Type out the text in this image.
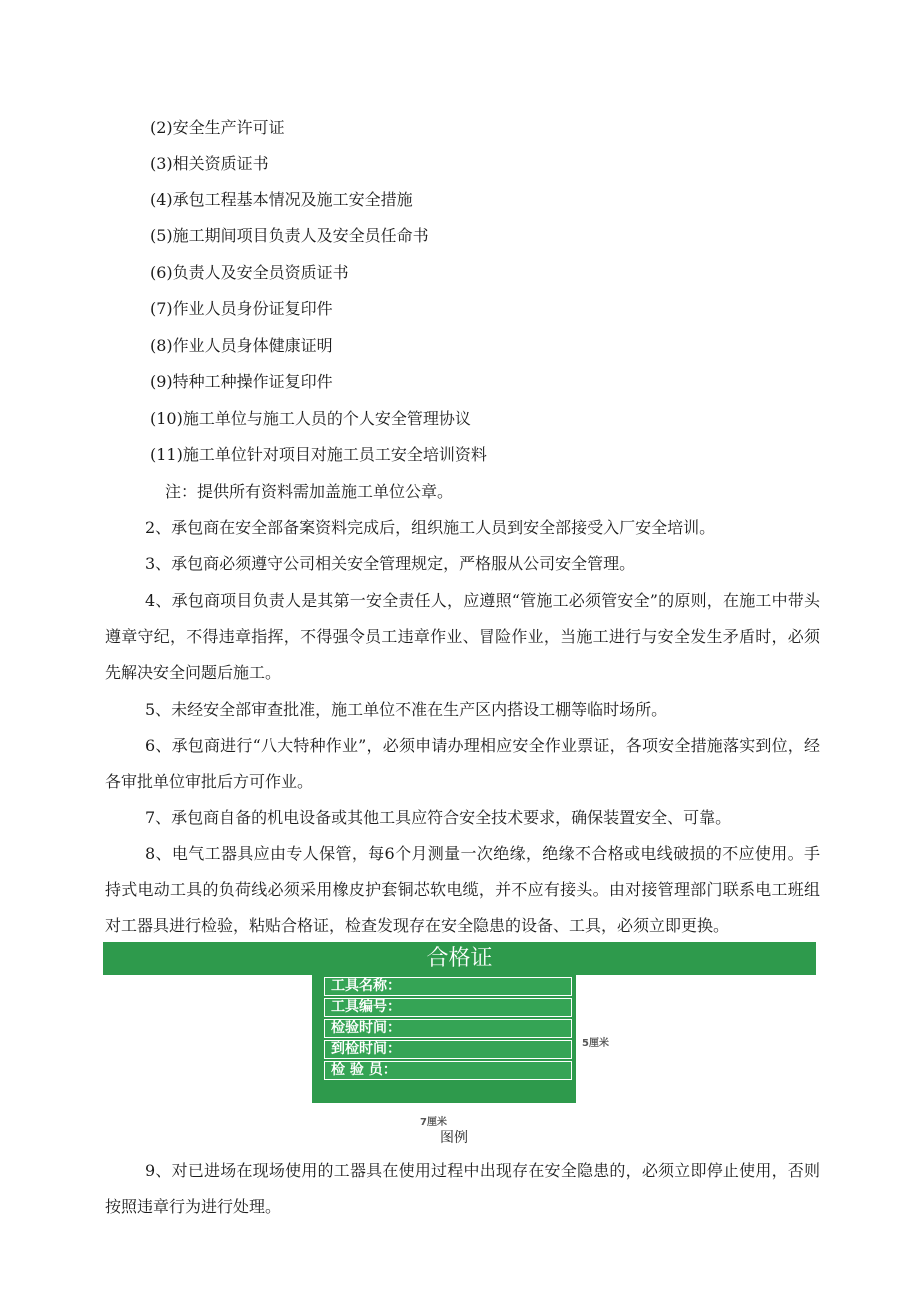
(2)安全生产许可证
(3)相关资质证书
(4)承包工程基本情况及施工安全措施
(5)施工期间项目负责人及安全员任命书
(6)负责人及安全员资质证书
(7)作业人员身份证复印件
(8)作业人员身体健康证明
(9)特种工种操作证复印件
(10)施工单位与施工人员的个人安全管理协议
(11)施工单位针对项目对施工员工安全培训资料
注：提供所有资料需加盖施工单位公章。
2、承包商在安全部备案资料完成后，组织施工人员到安全部接受入厂安全培训。
3、承包商必须遵守公司相关安全管理规定，严格服从公司安全管理。
4、承包商项目负责人是其第一安全责任人，应遵照“管施工必须管安全”的原则，在施工中带头遵章守纪，不得违章指挥，不得强令员工违章作业、冒险作业，当施工进行与安全发生矛盾时，必须先解决安全问题后施工。
5、未经安全部审查批准，施工单位不准在生产区内搭设工棚等临时场所。
6、承包商进行“八大特种作业”，必须申请办理相应安全作业票证，各项安全措施落实到位，经各审批单位审批后方可作业。
7、承包商自备的机电设备或其他工具应符合安全技术要求，确保装置安全、可靠。
8、电气工器具应由专人保管，每6个月测量一次绝缘，绝缘不合格或电线破损的不应使用。手持式电动工具的负荷线必须采用橡皮护套铜芯软电缆，并不应有接头。由对接管理部门联系电工班组对工器具进行检验，粘贴合格证，检查发现存在安全隐患的设备、工具，必须立即更换。
合格证
工具名称：
工具编号：
检验时间：
到检时间：
检 验 员：
5厘米
7厘米
图例
9、对已进场在现场使用的工器具在使用过程中出现存在安全隐患的，必须立即停止使用，否则按照违章行为进行处理。
